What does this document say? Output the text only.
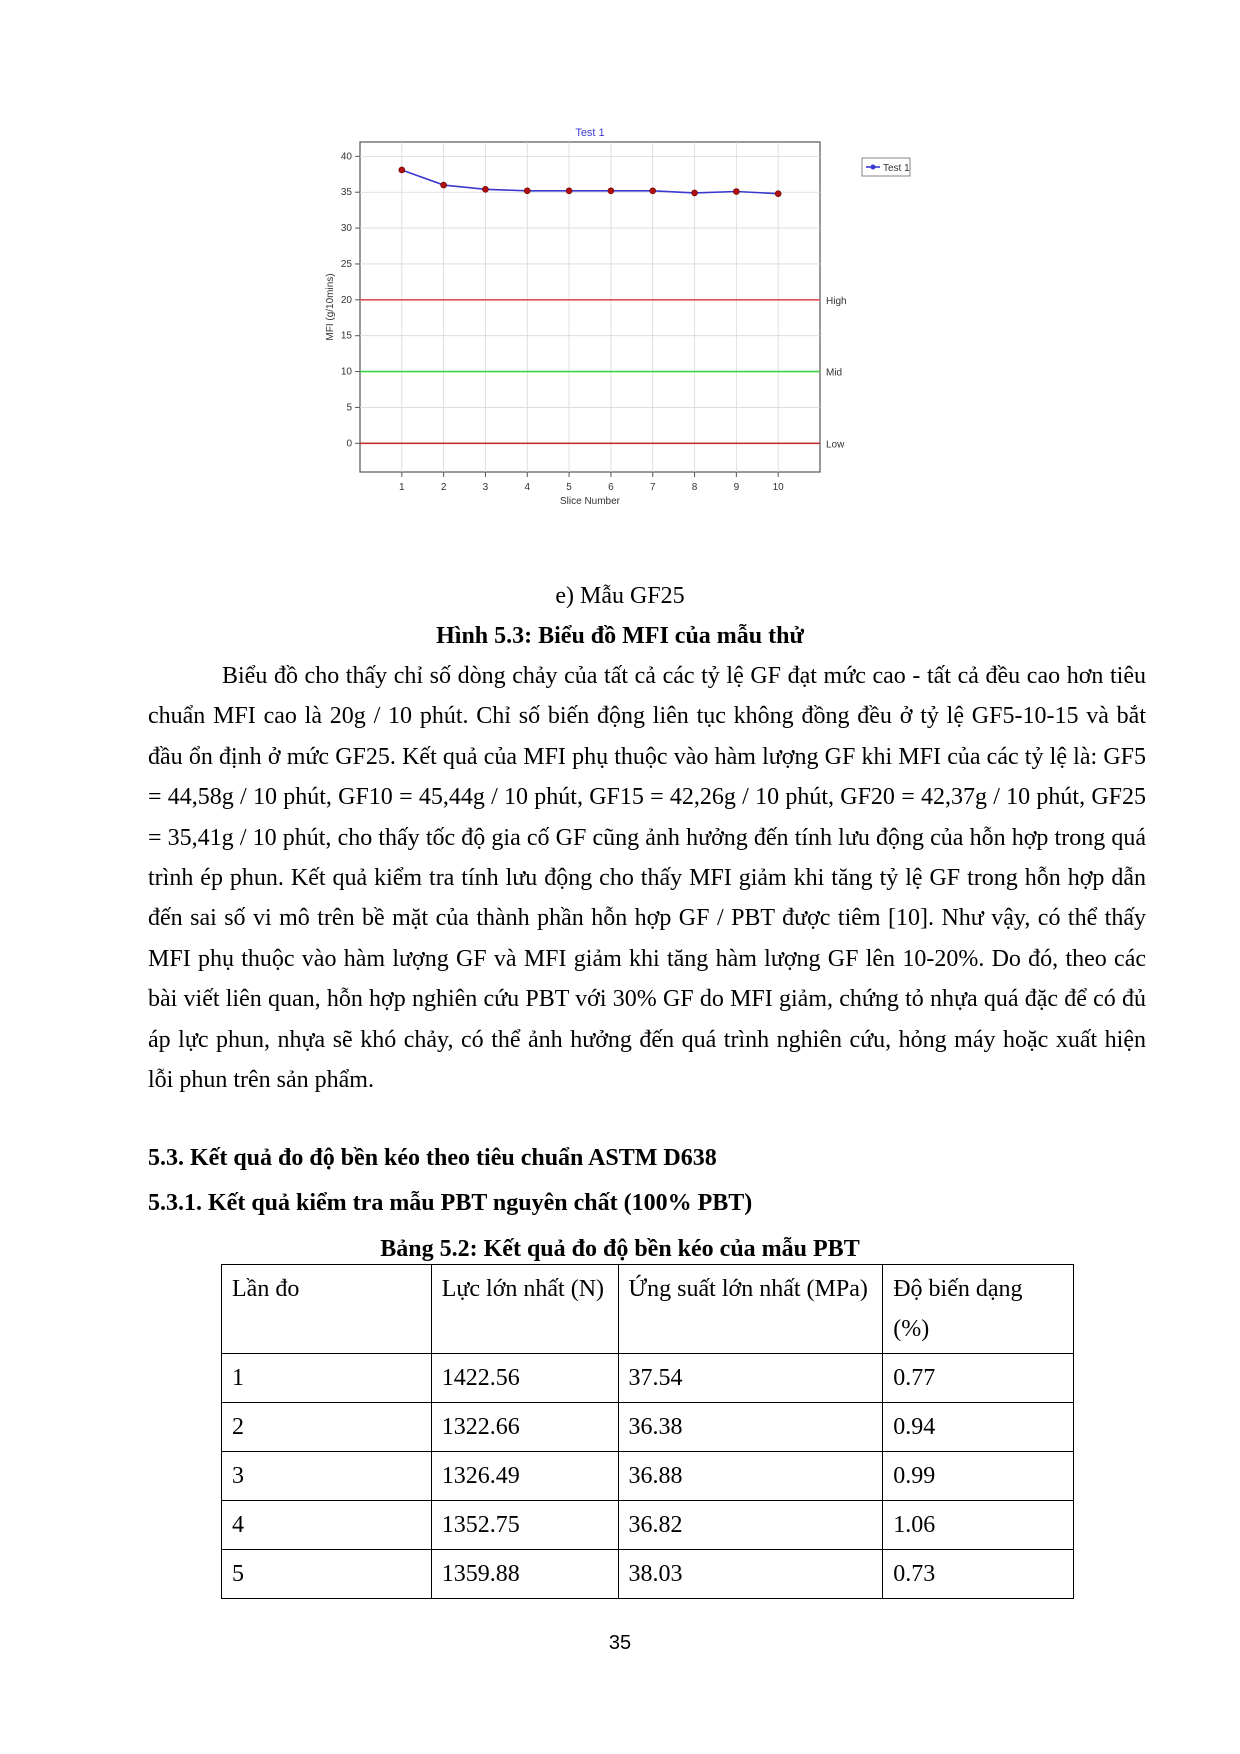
Test 1
0
5
10
15
20
25
30
35
40
1	2	3	4	5	6	7	8	9	10
Slice Number
MFI (g/10mins)	High
Mid
Low
Test 1
e) Mẫu GF25
Hình 5.3: Biểu đồ MFI của mẫu thử

Biểu đồ cho thấy chỉ số dòng chảy của tất cả các tỷ lệ GF đạt mức cao - tất cả đều cao hơn tiêu chuẩn MFI cao là 20g / 10 phút. Chỉ số biến động liên tục không đồng đều ở tỷ lệ GF5-10-15 và bắt đầu ổn định ở mức GF25. Kết quả của MFI phụ thuộc vào hàm lượng GF khi MFI của các tỷ lệ là: GF5 = 44,58g / 10 phút, GF10 = 45,44g / 10 phút, GF15 = 42,26g / 10 phút, GF20 = 42,37g / 10 phút, GF25 = 35,41g / 10 phút, cho thấy tốc độ gia cố GF cũng ảnh hưởng đến tính lưu động của hỗn hợp trong quá trình ép phun. Kết quả kiểm tra tính lưu động cho thấy MFI giảm khi tăng tỷ lệ GF trong hỗn hợp dẫn đến sai số vi mô trên bề mặt của thành phần hỗn hợp GF / PBT được tiêm [10]. Như vậy, có thể thấy MFI phụ thuộc vào hàm lượng GF và MFI giảm khi tăng hàm lượng GF lên 10-20%. Do đó, theo các bài viết liên quan, hỗn hợp nghiên cứu PBT với 30% GF do MFI giảm, chứng tỏ nhựa quá đặc để có đủ áp lực phun, nhựa sẽ khó chảy, có thể ảnh hưởng đến quá trình nghiên cứu, hỏng máy hoặc xuất hiện lỗi phun trên sản phẩm.

5.3. Kết quả đo độ bền kéo theo tiêu chuẩn ASTM D638
5.3.1. Kết quả kiểm tra mẫu PBT nguyên chất (100% PBT)
Bảng 5.2: Kết quả đo độ bền kéo của mẫu PBT
Lần đo	Lực lớn nhất (N)	Ứng suất lớn nhất (MPa)	Độ biến dạng (%)
1	1422.56	37.54	0.77
2	1322.66	36.38	0.94
3	1326.49	36.88	0.99
4	1352.75	36.82	1.06
5	1359.88	38.03	0.73
35
